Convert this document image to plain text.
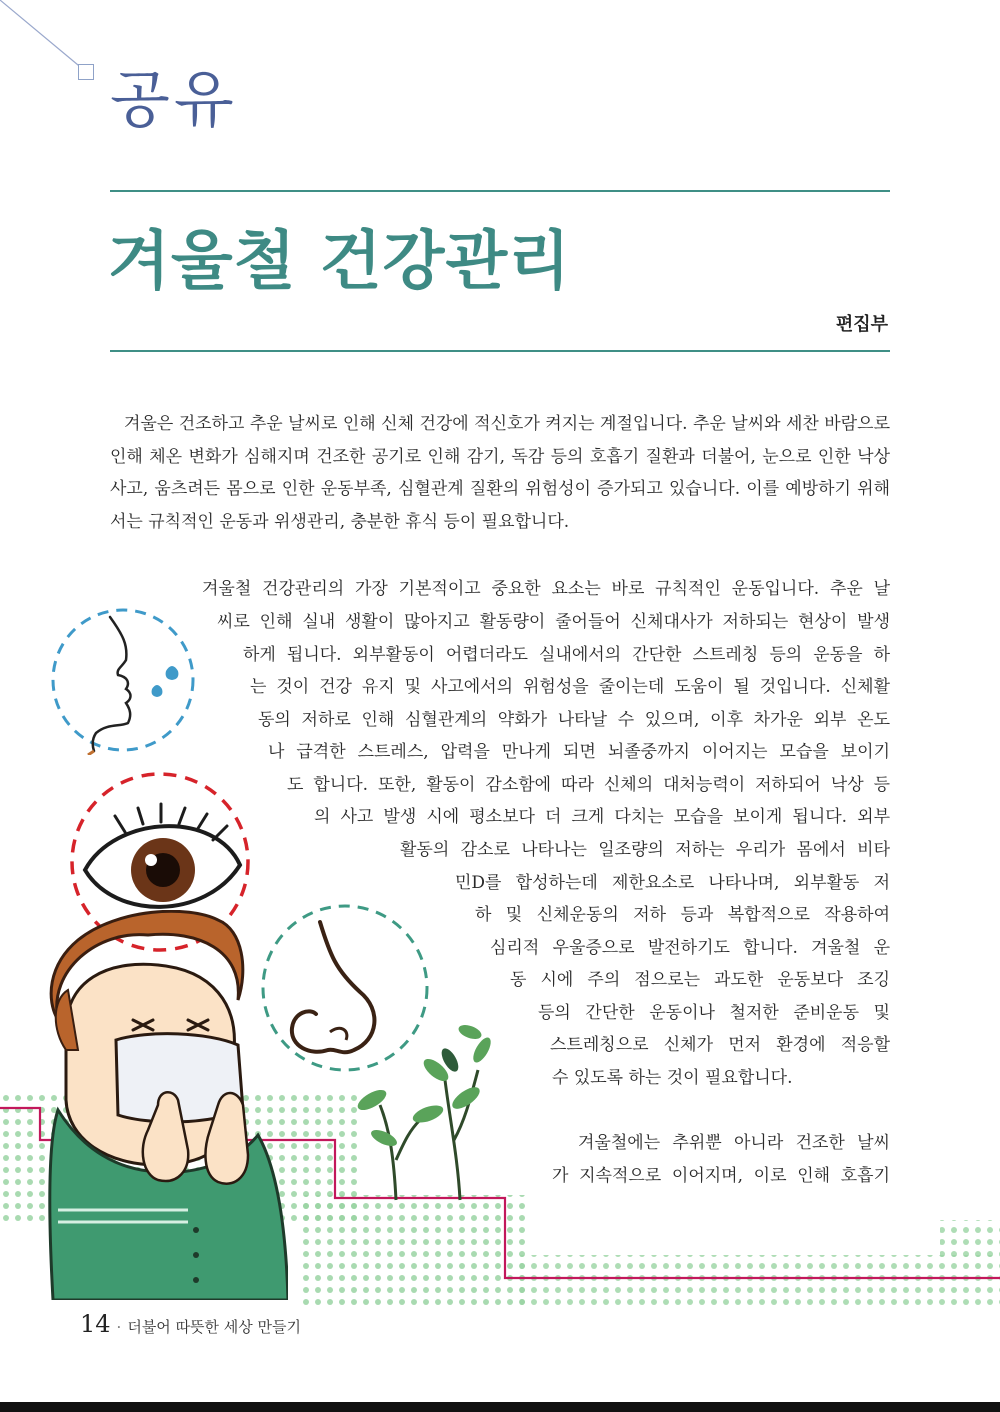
공유
겨울철 건강관리
편집부
겨울은 건조하고 추운 날씨로 인해 신체 건강에 적신호가 켜지는 계절입니다. 추운 날씨와 세찬 바람으로 인해 체온 변화가 심해지며 건조한 공기로 인해 감기, 독감 등의 호흡기 질환과 더불어, 눈으로 인한 낙상 사고, 움츠려든 몸으로 인한 운동부족, 심혈관계 질환의 위험성이 증가되고 있습니다. 이를 예방하기 위해서는 규칙적인 운동과 위생관리, 충분한 휴식 등이 필요합니다.
겨울철 건강관리의 가장 기본적이고 중요한 요소는 바로 규칙적인 운동입니다. 추운 날
씨로 인해 실내 생활이 많아지고 활동량이 줄어들어 신체대사가 저하되는 현상이 발생
하게 됩니다. 외부활동이 어렵더라도 실내에서의 간단한 스트레칭 등의 운동을 하
는 것이 건강 유지 및 사고에서의 위험성을 줄이는데 도움이 될 것입니다. 신체활
동의 저하로 인해 심혈관계의 약화가 나타날 수 있으며, 이후 차가운 외부 온도
나 급격한 스트레스, 압력을 만나게 되면 뇌졸중까지 이어지는 모습을 보이기
도 합니다. 또한, 활동이 감소함에 따라 신체의 대처능력이 저하되어 낙상 등
의 사고 발생 시에 평소보다 더 크게 다치는 모습을 보이게 됩니다. 외부
활동의 감소로 나타나는 일조량의 저하는 우리가 몸에서 비타
민D를 합성하는데 제한요소로 나타나며, 외부활동 저
하 및 신체운동의 저하 등과 복합적으로 작용하여
심리적 우울증으로 발전하기도 합니다. 겨울철 운
동 시에 주의 점으로는 과도한 운동보다 조깅
등의 간단한 운동이나 철저한 준비운동 및
스트레칭으로 신체가 먼저 환경에 적응할
수 있도록 하는 것이 필요합니다.
겨울철에는 추위뿐 아니라 건조한 날씨
가 지속적으로 이어지며, 이로 인해 호흡기
14 · 더불어 따뜻한 세상 만들기
